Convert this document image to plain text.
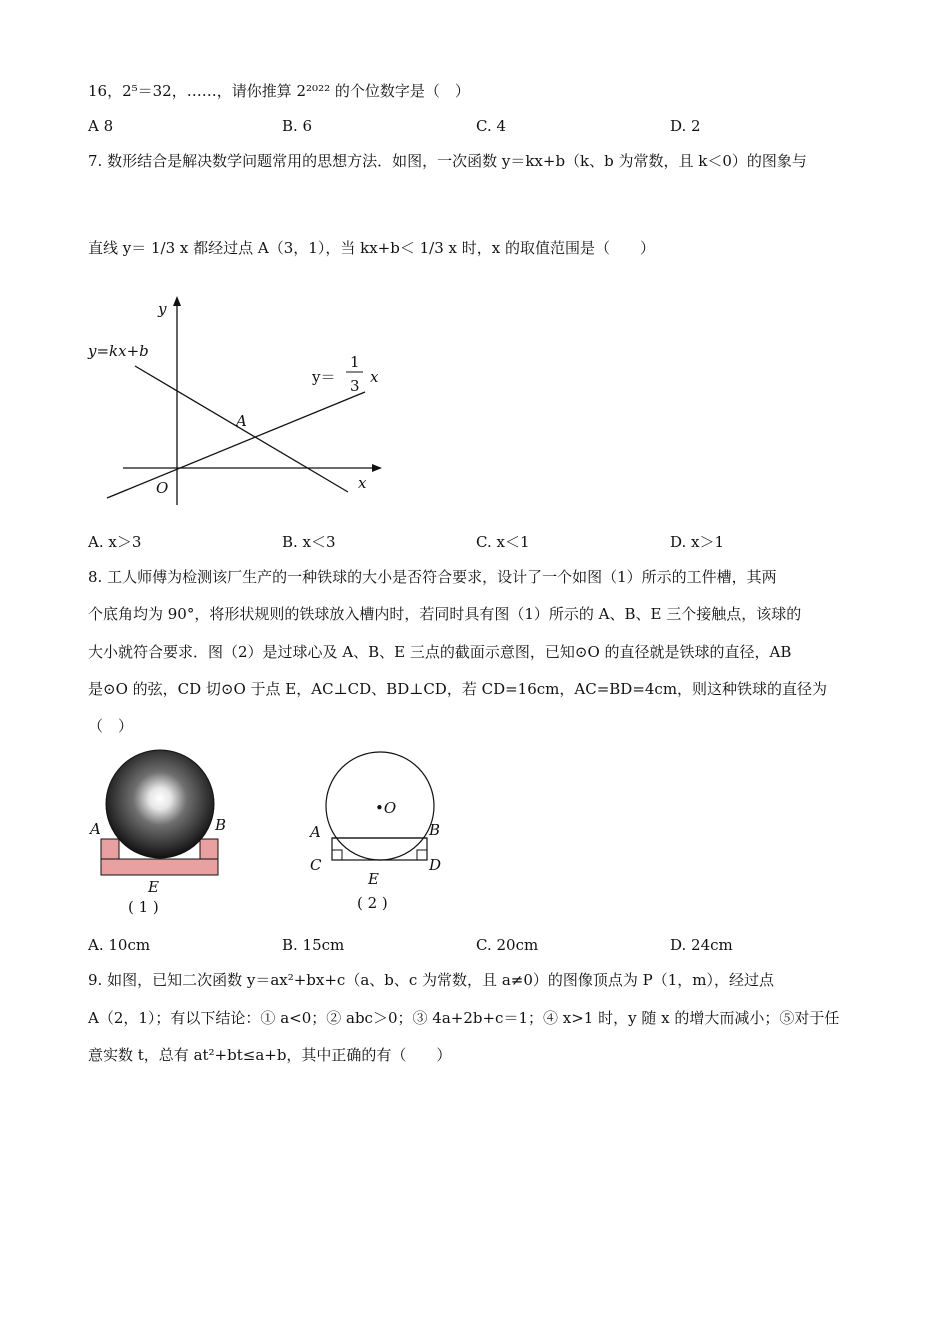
16，2⁵＝32，……，请你推算 2²⁰²² 的个位数字是（　）
A 8	B. 6	C. 4	D. 2
7. 数形结合是解决数学问题常用的思想方法．如图，一次函数 y＝kx+b（k、b 为常数，且 k＜0）的图象与
直线 y＝ 1/3 x 都经过点 A（3，1），当 kx+b＜ 1/3 x 时，x 的取值范围是（　　）
y
x
O
y=kx+b
A
y＝
1
3 x
A. x＞3	B. x＜3	C. x＜1	D. x＞1
8. 工人师傅为检测该厂生产的一种铁球的大小是否符合要求，设计了一个如图（1）所示的工件槽，其两
个底角均为 90°，将形状规则的铁球放入槽内时，若同时具有图（1）所示的 A、B、E 三个接触点，该球的
大小就符合要求．图（2）是过球心及 A、B、E 三点的截面示意图，已知⊙O 的直径就是铁球的直径，AB
是⊙O 的弦，CD 切⊙O 于点 E，AC⊥CD、BD⊥CD，若 CD=16cm，AC=BD=4cm，则这种铁球的直径为
（　）
A	B
E
( 1 )
•O
A	B
C	D
E
( 2 )
A. 10cm	B. 15cm	C. 20cm	D. 24cm
9. 如图，已知二次函数 y＝ax²+bx+c（a、b、c 为常数，且 a≠0）的图像顶点为 P（1，m），经过点
A（2，1）；有以下结论：① a<0；② abc＞0；③ 4a+2b+c＝1；④ x>1 时，y 随 x 的增大而减小；⑤对于任
意实数 t，总有 at²+bt≤a+b，其中正确的有（　　）
